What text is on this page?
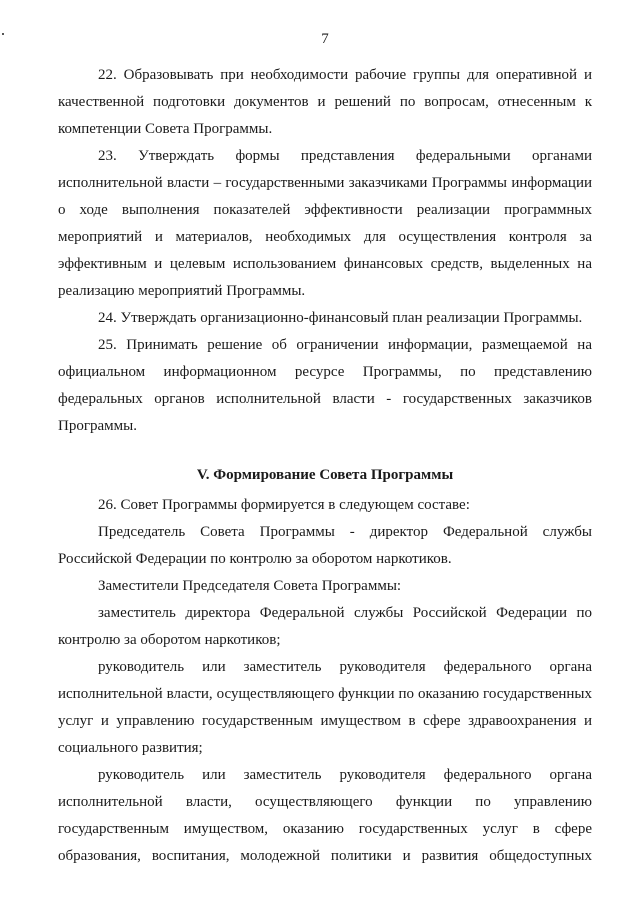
7
22. Образовывать при необходимости рабочие группы для оперативной и
качественной подготовки документов и решений по вопросам, отнесенным к
компетенции Совета Программы.
23. Утверждать формы представления федеральными органами
исполнительной власти – государственными заказчиками Программы информации
о ходе выполнения показателей эффективности реализации программных
мероприятий и материалов, необходимых для осуществления контроля за
эффективным и целевым использованием финансовых средств, выделенных на
реализацию мероприятий Программы.
24. Утверждать организационно-финансовый план реализации Программы.
25. Принимать решение об ограничении информации, размещаемой на
официальном информационном ресурсе Программы, по представлению
федеральных органов исполнительной власти - государственных заказчиков
Программы.
V. Формирование Совета Программы
26. Совет Программы формируется в следующем составе:
Председатель Совета Программы - директор Федеральной службы
Российской Федерации по контролю за оборотом наркотиков.
Заместители Председателя Совета Программы:
заместитель директора Федеральной службы Российской Федерации по
контролю за оборотом наркотиков;
руководитель или заместитель руководителя федерального органа
исполнительной власти, осуществляющего функции по оказанию государственных
услуг и управлению государственным имуществом в сфере здравоохранения и
социального развития;
руководитель или заместитель руководителя федерального органа
исполнительной власти, осуществляющего функции по управлению
государственным имуществом, оказанию государственных услуг в сфере
образования, воспитания, молодежной политики и развития общедоступных
